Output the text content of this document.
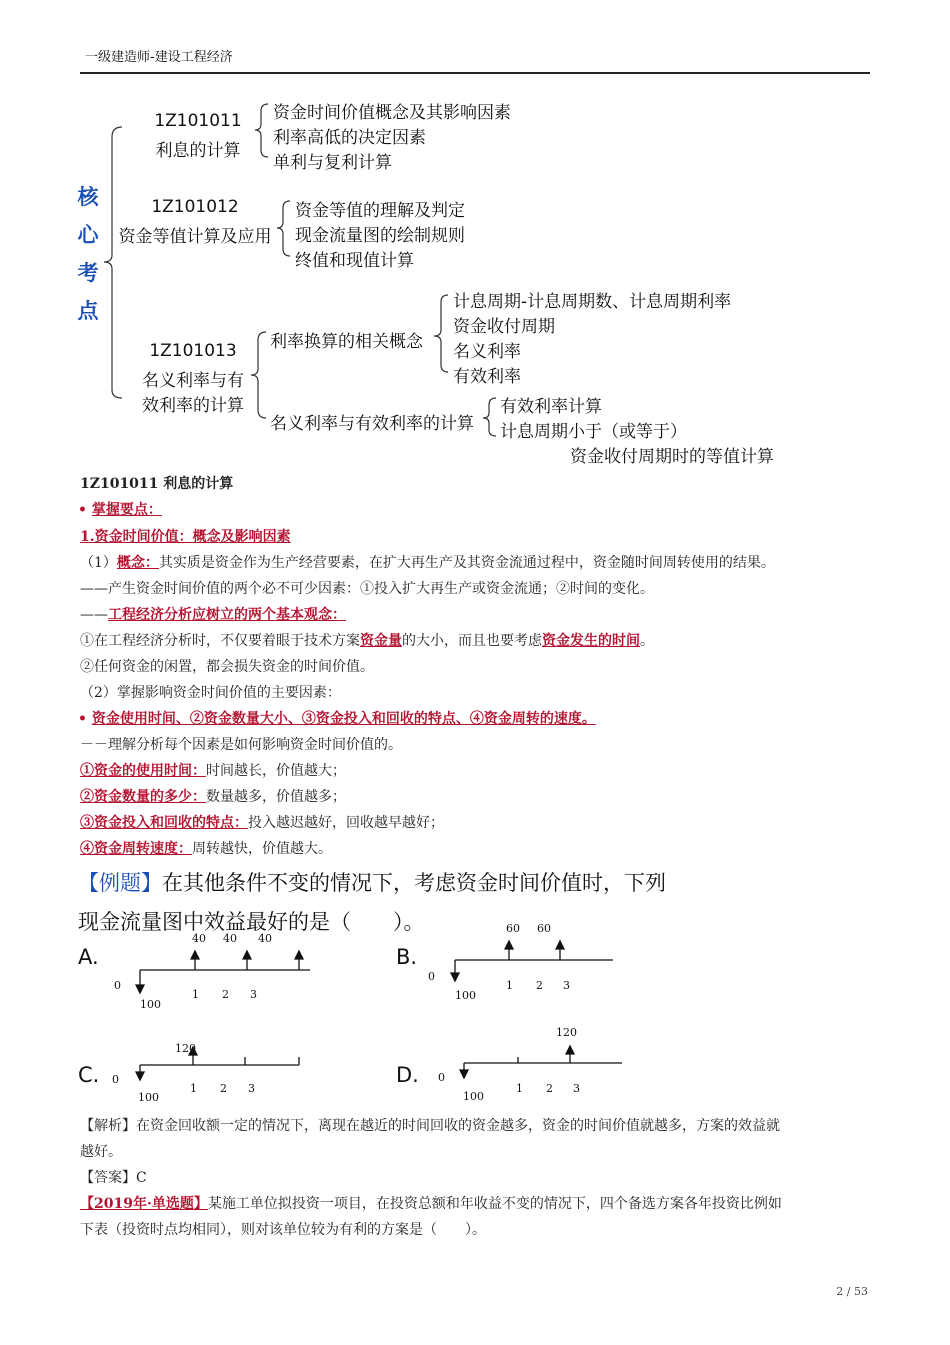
一级建造师-建设工程经济
核
心
考
点
1Z101011
利息的计算
资金时间价值概念及其影响因素
利率高低的决定因素
单利与复利计算
1Z101012
资金等值计算及应用
资金等值的理解及判定
现金流量图的绘制规则
终值和现值计算
1Z101013
名义利率与有
效利率的计算
利率换算的相关概念
计息周期-计息周期数、计息周期利率
资金收付周期
名义利率
有效利率
名义利率与有效利率的计算
有效利率计算
计息周期小于（或等于）
资金收付周期时的等值计算
1Z101011 利息的计算
• 掌握要点：
1.资金时间价值：概念及影响因素
（1）概念：其实质是资金作为生产经营要素，在扩大再生产及其资金流通过程中，资金随时间周转使用的结果。
——产生资金时间价值的两个必不可少因素：①投入扩大再生产或资金流通；②时间的变化。
——工程经济分析应树立的两个基本观念：
①在工程经济分析时，不仅要着眼于技术方案资金量的大小，而且也要考虑资金发生的时间。
②任何资金的闲置，都会损失资金的时间价值。
（2）掌握影响资金时间价值的主要因素：
• 资金使用时间、②资金数量大小、③资金投入和回收的特点、④资金周转的速度。
－－理解分析每个因素是如何影响资金时间价值的。
①资金的使用时间：时间越长，价值越大；
②资金数量的多少：数量越多，价值越多；
③资金投入和回收的特点：投入越迟越好，回收越早越好；
④资金周转速度：周转越快，价值越大。
【例题】在其他条件不变的情况下，考虑资金时间价值时，下列
现金流量图中效益最好的是（　　）。
A.
40 40 40
0
100
1 2 3
B.
60 60
0
100
1 2 3
C.
120
0
100
1 2 3
D.
120
0
100
1 2 3
【解析】在资金回收额一定的情况下，离现在越近的时间回收的资金越多，资金的时间价值就越多，方案的效益就
越好。
【答案】C
【2019年·单选题】某施工单位拟投资一项目，在投资总额和年收益不变的情况下，四个备选方案各年投资比例如
下表（投资时点均相同），则对该单位较为有利的方案是（　　）。
2 / 53
